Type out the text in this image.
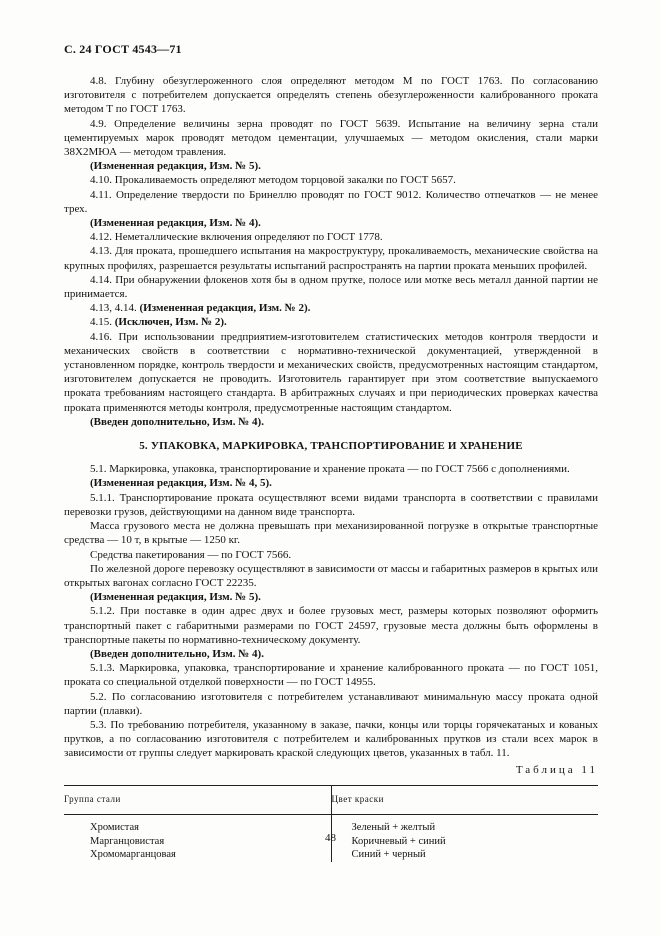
С. 24 ГОСТ 4543—71

4.8. Глубину обезуглероженного слоя определяют методом М по ГОСТ 1763. По согласованию изготовителя с потребителем допускается определять степень обезуглероженности калиброванного проката методом Т по ГОСТ 1763.

4.9. Определение величины зерна проводят по ГОСТ 5639. Испытание на величину зерна стали цементируемых марок проводят методом цементации, улучшаемых — методом окисления, стали марки 38Х2МЮА — методом травления.

(Измененная редакция, Изм. № 5).

4.10. Прокаливаемость определяют методом торцовой закалки по ГОСТ 5657.

4.11. Определение твердости по Бринеллю проводят по ГОСТ 9012. Количество отпечатков — не менее трех.

(Измененная редакция, Изм. № 4).

4.12. Неметаллические включения определяют по ГОСТ 1778.

4.13. Для проката, прошедшего испытания на макроструктуру, прокаливаемость, механические свойства на крупных профилях, разрешается результаты испытаний распространять на партии проката меньших профилей.

4.14. При обнаружении флокенов хотя бы в одном прутке, полосе или мотке весь металл данной партии не принимается.

4.13, 4.14. (Измененная редакция, Изм. № 2).

4.15. (Исключен, Изм. № 2).

4.16. При использовании предприятием-изготовителем статистических методов контроля твердости и механических свойств в соответствии с нормативно-технической документацией, утвержденной в установленном порядке, контроль твердости и механических свойств, предусмотренных настоящим стандартом, изготовителем допускается не проводить. Изготовитель гарантирует при этом соответствие выпускаемого проката требованиям настоящего стандарта. В арбитражных случаях и при периодических проверках качества проката применяются методы контроля, предусмотренные настоящим стандартом.

(Введен дополнительно, Изм. № 4).

5. УПАКОВКА, МАРКИРОВКА, ТРАНСПОРТИРОВАНИЕ И ХРАНЕНИЕ

5.1. Маркировка, упаковка, транспортирование и хранение проката — по ГОСТ 7566 с дополнениями.

(Измененная редакция, Изм. № 4, 5).

5.1.1. Транспортирование проката осуществляют всеми видами транспорта в соответствии с правилами перевозки грузов, действующими на данном виде транспорта.

Масса грузового места не должна превышать при механизированной погрузке в открытые транспортные средства — 10 т, в крытые — 1250 кг.

Средства пакетирования — по ГОСТ 7566.

По железной дороге перевозку осуществляют в зависимости от массы и габаритных размеров в крытых или открытых вагонах согласно ГОСТ 22235.

(Измененная редакция, Изм. № 5).

5.1.2. При поставке в один адрес двух и более грузовых мест, размеры которых позволяют оформить транспортный пакет с габаритными размерами по ГОСТ 24597, грузовые места должны быть оформлены в транспортные пакеты по нормативно-техническому документу.

(Введен дополнительно, Изм. № 4).

5.1.3. Маркировка, упаковка, транспортирование и хранение калиброванного проката — по ГОСТ 1051, проката со специальной отделкой поверхности — по ГОСТ 14955.

5.2. По согласованию изготовителя с потребителем устанавливают минимальную массу проката одной партии (плавки).

5.3. По требованию потребителя, указанному в заказе, пачки, концы или торцы горячекатаных и кованых прутков, а по согласованию изготовителя с потребителем и калиброванных прутков из стали всех марок в зависимости от группы следует маркировать краской следующих цветов, указанных в табл. 11.

Таблица 11
Группа стали	Цвет краски
Хромистая	Зеленый + желтый
Марганцовистая	Коричневый + синий
Хромомарганцовая	Синий + черный
48
